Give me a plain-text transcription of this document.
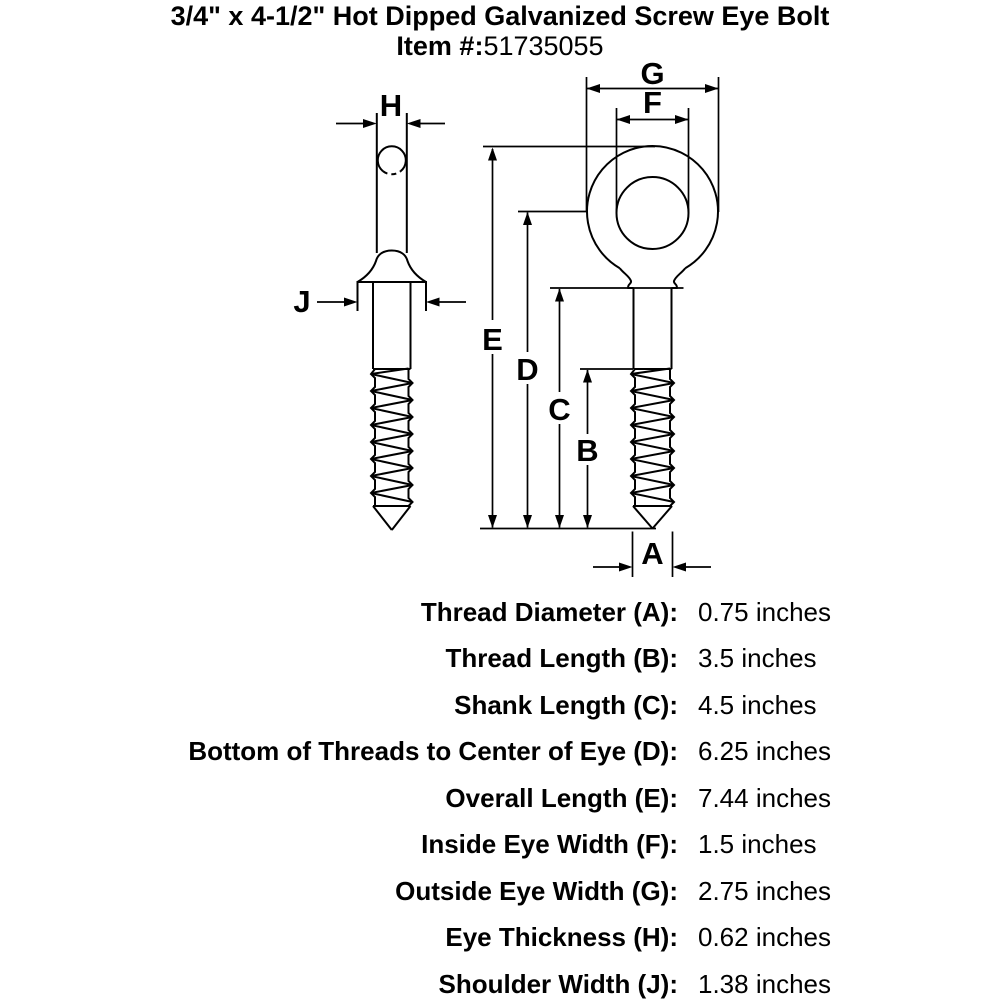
3/4" x 4-1/2" Hot Dipped Galvanized Screw Eye Bolt
Item #:51735055
H
J
G
F
E
D
C
B
A
Thread Diameter (A): 0.75 inches
Thread Length (B): 3.5 inches
Shank Length (C): 4.5 inches
Bottom of Threads to Center of Eye (D): 6.25 inches
Overall Length (E): 7.44 inches
Inside Eye Width (F): 1.5 inches
Outside Eye Width (G): 2.75 inches
Eye Thickness (H): 0.62 inches
Shoulder Width (J): 1.38 inches
